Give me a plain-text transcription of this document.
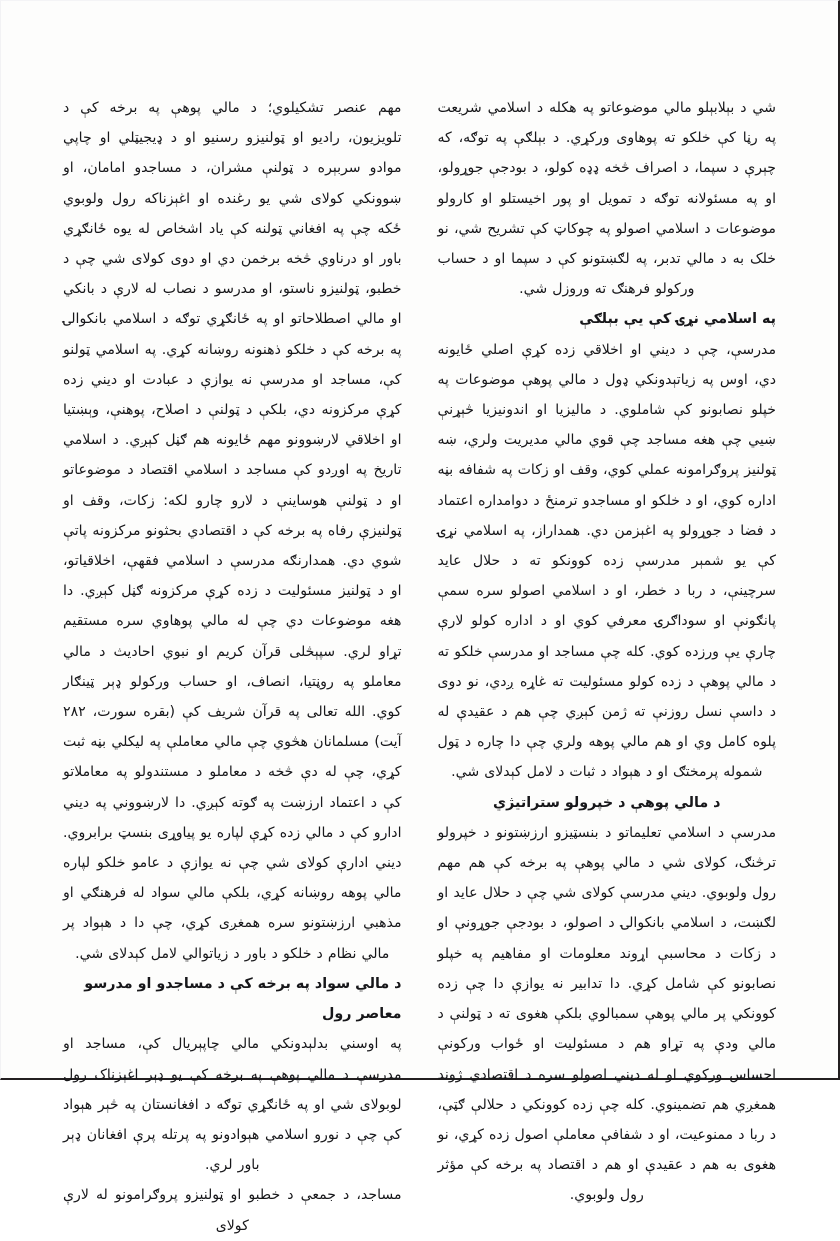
مهم عنصر تشکيلوي؛ د مالي پوهې په برخه کې د تلويزيون، راديو او ټولنيزو رسنيو او د ډيجيټلي او چاپي موادو سربېره د ټولنې مشران، د مساجدو امامان، او ښوونکي کولای شي يو رغنده او اغېزناکه رول ولوبوي ځکه چې په افغاني ټولنه کې ياد اشخاص له يوه ځانګړي باور او درناوي څخه برخمن دي او دوی کولای شي چې د خطبو، ټولنيزو ناستو، او مدرسو د نصاب له لارې د بانکي او مالي اصطلاحاتو او په ځانګړي توګه د اسلامي بانکوالۍ په برخه کې د خلکو ذهنونه روښانه کړي. په اسلامي ټولنو کې، مساجد او مدرسې نه يوازې د عبادت او ديني زده کړې مرکزونه دي، بلکې د ټولنې د اصلاح، پوهنې، وېښتيا او اخلاقي لارښوونو مهم ځايونه هم ګڼل کېږي. د اسلامي تاريخ په اوږدو کې مساجد د اسلامي اقتصاد د موضوعاتو او د ټولنې هوساينې د لارو چارو لکه: زکات، وقف او ټولنيزې رفاه په برخه کې د اقتصادي بحثونو مرکزونه پاتې شوي دي. همدارنګه مدرسې د اسلامي فقهې، اخلاقياتو، او د ټولنيز مسئوليت د زده کړې مرکزونه ګڼل کېږي. دا هغه موضوعات دي چې له مالي پوهاوي سره مستقيم تړاو لري. سپېڅلی قرآن کريم او نبوي احاديث د مالي معاملو په روڼتيا، انصاف، او حساب ورکولو ډېر ټينګار کوي. الله تعالی په قرآن شريف کې (بقره سورت، ۲۸۲ آيت) مسلمانان هڅوي چې مالي معاملې په ليکلي بڼه ثبت کړي، چې له دې څخه د معاملو د مستندولو په معاملاتو کې د اعتماد ارزښت په ګوته کېږي. دا لارښووني په ديني ادارو کې د مالي زده کړې لپاره يو پياوړی بنسټ برابروي. ديني ادارې کولای شي چې نه يوازې د عامو خلکو لپاره مالي پوهه روښانه کړي، بلکې مالي سواد له فرهنګي او مذهبي ارزښتونو سره همغږی کړي، چې دا د هېواد پر مالي نظام د خلکو د باور د زياتوالي لامل کېدلای شي.

د مالي سواد په برخه کې د مساجدو او مدرسو معاصر رول

په اوسني بدلېدونکي مالي چاپېريال کې، مساجد او مدرسې د مالي پوهې په برخه کې يو ډېر اغېزناک رول لوبولای شي او په ځانګړي توګه د افغانستان په څېر هېواد کې چې د نورو اسلامي هېوادونو په پرتله پرې افغانان ډېر باور لري.

مساجد، د جمعې د خطبو او ټولنيزو پروګرامونو له لارې کولای

شي د بېلابېلو مالي موضوعاتو په هکله د اسلامي شريعت په رڼا کې خلکو ته پوهاوی ورکړي. د بېلګې په توګه، که چېرې د سپما، د اصراف څخه ډډه کولو، د بودجې جوړولو، او په مسئولانه توګه د تمويل او پور اخيستلو او کارولو موضوعات د اسلامي اصولو په چوکاټ کې تشريح شي، نو خلک به د مالي تدبر، په لګښتونو کې د سپما او د حساب ورکولو فرهنګ ته وروزل شي.

په اسلامي نړۍ کې يې بېلګې

مدرسې، چې د ديني او اخلاقي زده کړې اصلي ځايونه دي، اوس په زياتېدونکي ډول د مالي پوهې موضوعات په خپلو نصابونو کې شاملوي. د ماليزيا او اندونيزيا څېړنې ښيي چې هغه مساجد چې قوي مالي مديريت ولري، ښه ټولنيز پروګرامونه عملي کوي، وقف او زکات په شفافه بڼه اداره کوي، او د خلکو او مساجدو ترمنځ د دوامداره اعتماد د فضا د جوړولو په اغېزمن دي. همداراز، په اسلامي نړۍ کې يو شمېر مدرسې زده کوونکو ته د حلال عايد سرچينې، د ربا د خطر، او د اسلامي اصولو سره سمې پانګونې او سوداګرۍ معرفي کوي او د اداره کولو لارې چارې يې ورزده کوي. کله چې مساجد او مدرسې خلکو ته د مالي پوهې د زده کولو مسئوليت ته غاړه ږدي، نو دوی د داسې نسل روزنې ته ژمن کېږي چې هم د عقيدې له پلوه کامل وي او هم مالي پوهه ولري چې دا چاره د ټول شموله پرمختګ او د هېواد د ثبات د لامل کېدلای شي.

د مالي پوهې د خپرولو ستراتيژي

مدرسې د اسلامي تعليماتو د بنسټيزو ارزښتونو د خپرولو ترڅنګ، کولای شي د مالي پوهې په برخه کې هم مهم رول ولوبوي. ديني مدرسې کولای شي چې د حلال عايد او لګښت، د اسلامي بانکوالۍ د اصولو، د بودجې جوړونې او د زکات د محاسبې اړوند معلومات او مفاهيم په خپلو نصابونو کې شامل کړي. دا تدابير نه يوازې دا چې زده کوونکي پر مالي پوهې سمبالوي بلکې هغوی ته د ټولنې د مالي ودې په تړاو هم د مسئوليت او ځواب ورکونې احساس ورکوي او له ديني اصولو سره د اقتصادي ژوند همغږي هم تضمينوي. کله چې زده کوونکي د حلالې ګټې، د ربا د ممنوعيت، او د شفافې معاملې اصول زده کړي، نو هغوی به هم د عقيدې او هم د اقتصاد په برخه کې مؤثر رول ولوبوي.
